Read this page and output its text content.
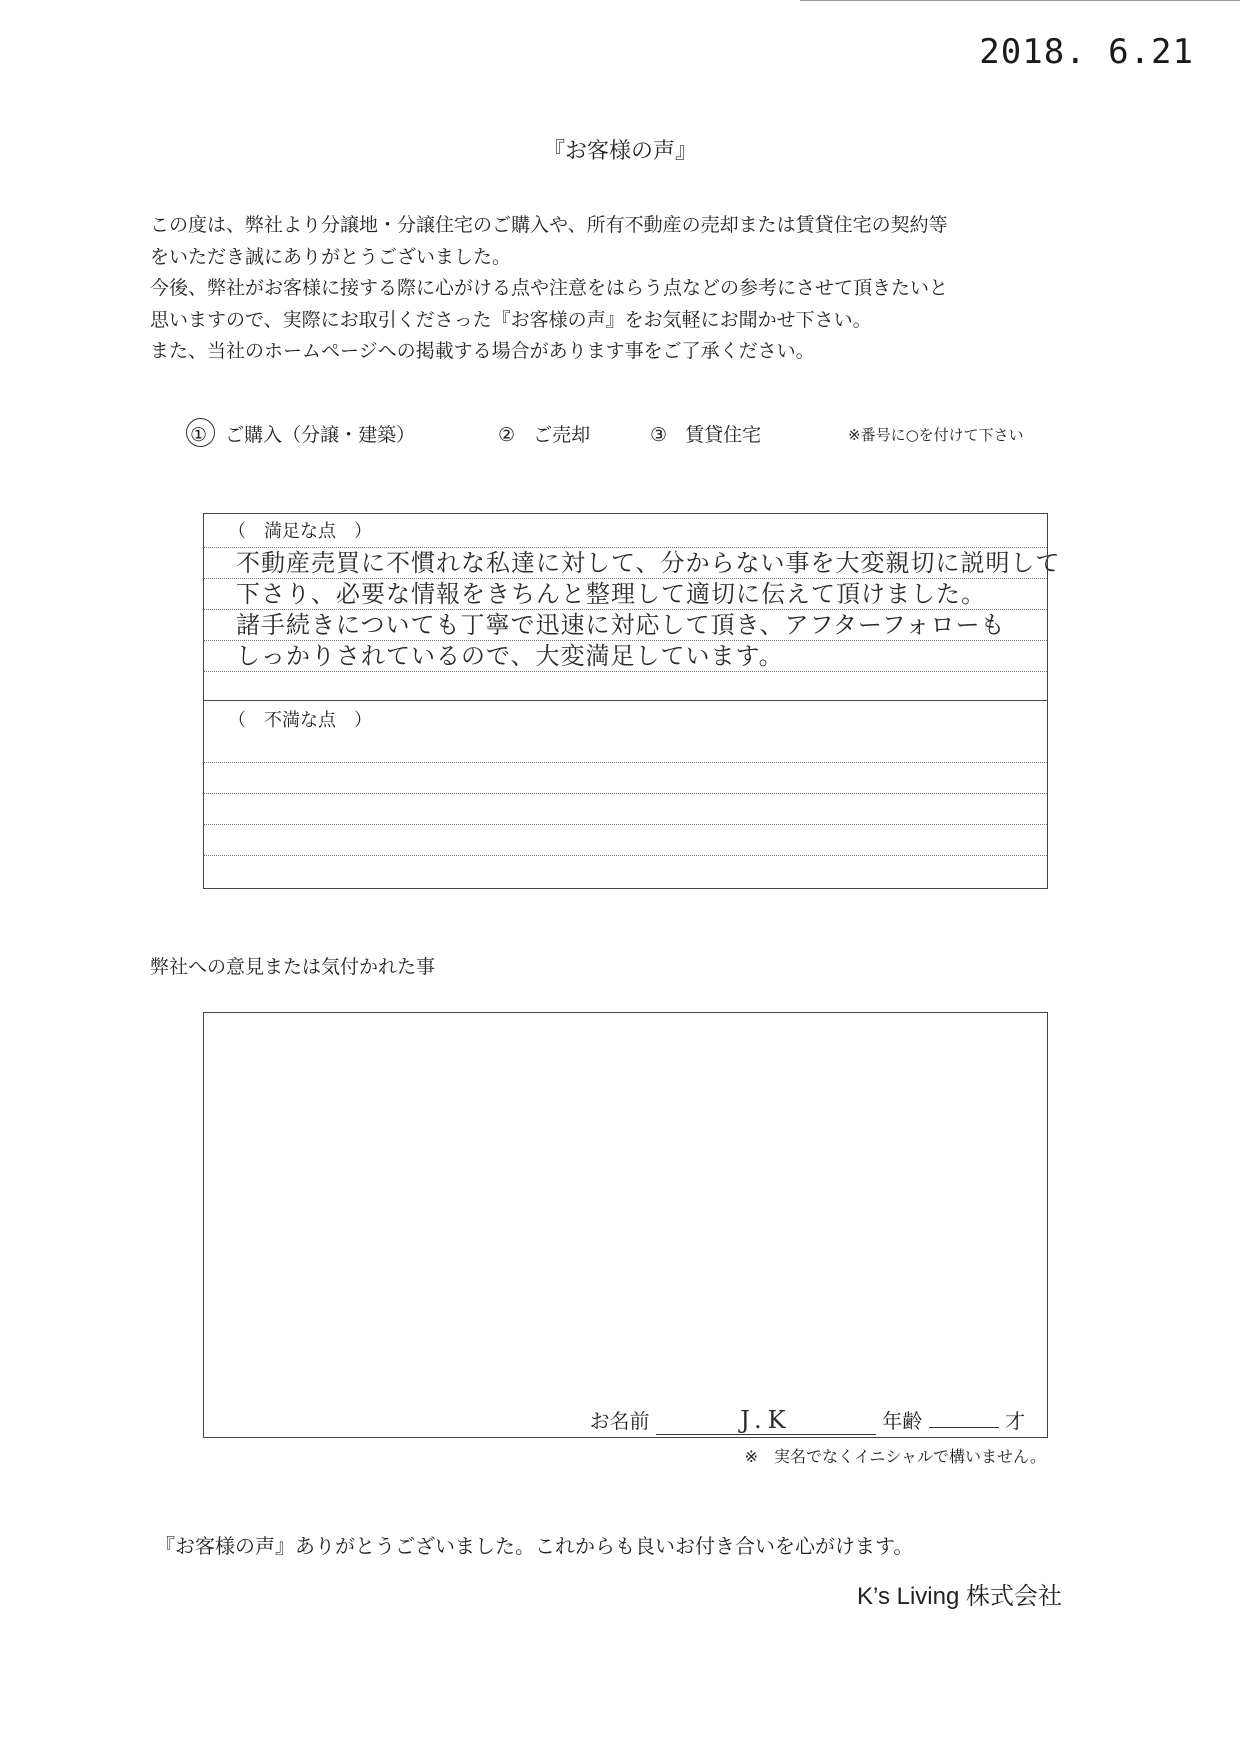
2018. 6.21
『お客様の声』
この度は、弊社より分譲地・分譲住宅のご購入や、所有不動産の売却または賃貸住宅の契約等
をいただき誠にありがとうございました。
今後、弊社がお客様に接する際に心がける点や注意をはらう点などの参考にさせて頂きたいと
思いますので、実際にお取引くださった『お客様の声』をお気軽にお聞かせ下さい。
また、当社のホームページへの掲載する場合があります事をご了承ください。
① ご購入（分譲・建築）	② ご売却	③ 賃貸住宅	※番号に○を付けて下さい
（　満足な点　）
不動産売買に不慣れな私達に対して、分からない事を大変親切に説明して
下さり、必要な情報をきちんと整理して適切に伝えて頂けました。
諸手続きについても丁寧で迅速に対応して頂き、アフターフォローも
しっかりされているので、大変満足しています。
（　不満な点　）
弊社への意見または気付かれた事
お名前	J.K	年齢	才
※　実名でなくイニシャルで構いません。
『お客様の声』ありがとうございました。これからも良いお付き合いを心がけます。
K’s Living 株式会社
